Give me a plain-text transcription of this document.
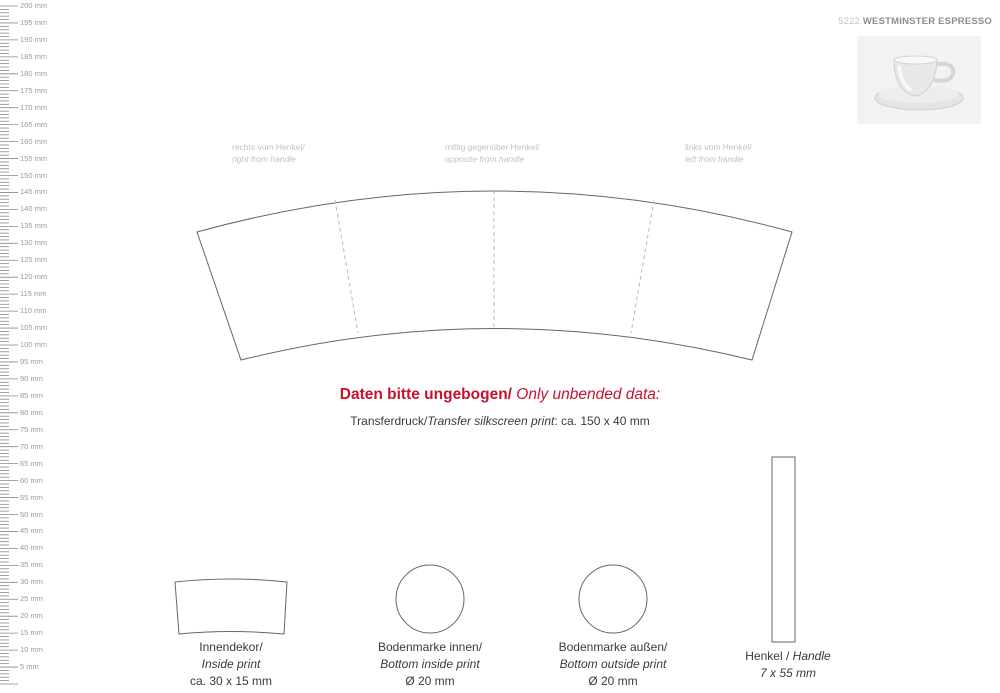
200 mm
195 mm
190 mm
185 mm
180 mm
175 mm
170 mm
165 mm
160 mm
155 mm
150 mm
145 mm
140 mm
135 mm
130 mm
125 mm
120 mm
115 mm
110 mm
105 mm
100 mm
95 mm
90 mm
85 mm
80 mm
75 mm
70 mm
65 mm
60 mm
55 mm
50 mm
45 mm
40 mm
35 mm
30 mm
25 mm
20 mm
15 mm
10 mm
5 mm
5222 WESTMINSTER ESPRESSO
rechts vom Henkel/
right from handle
mittig gegenüber Henkel/
opposite from handle
links vom Henkel/
left from handle
Daten bitte ungebogen/ Only unbended data:
Transferdruck/Transfer silkscreen print: ca. 150 x 40 mm
Innendekor/
Inside print
ca. 30 x 15 mm
Bodenmarke innen/
Bottom inside print
Ø 20 mm
Bodenmarke außen/
Bottom outside print
Ø 20 mm
Henkel / Handle
7 x 55 mm
